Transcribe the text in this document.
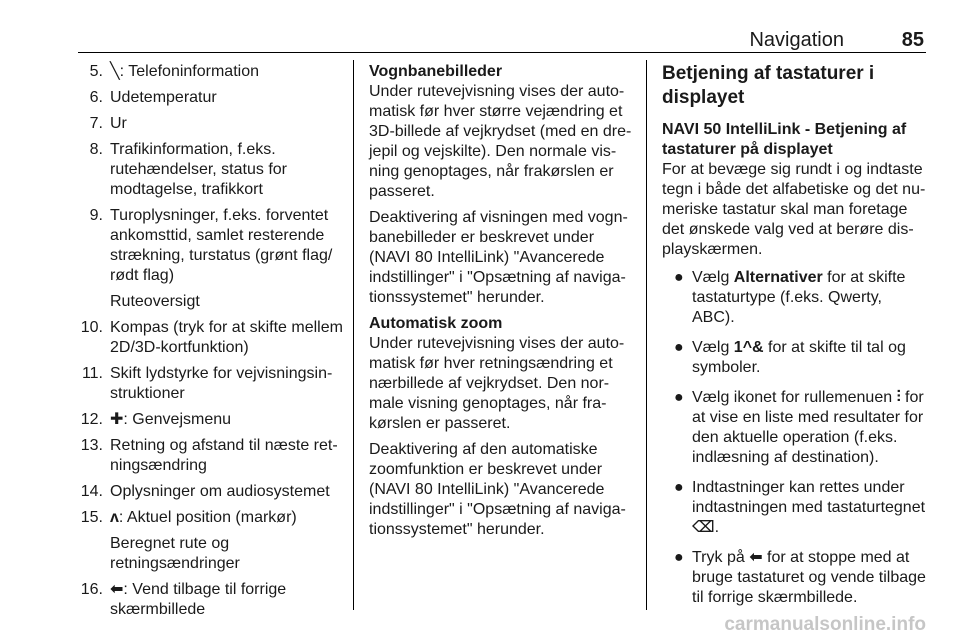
Navigation	85
5. ╲: Telefoninformation
6. Udetemperatur
7. Ur
8. Trafikinformation, f.eks. rutehændelser, status for modtagelse, trafikkort
9. Turoplysninger, f.eks. forventet ankomsttid, samlet resterende strækning, turstatus (grønt flag/ rødt flag)
Ruteoversigt
10. Kompas (tryk for at skifte mellem 2D/3D-kortfunktion)
11. Skift lydstyrke for vejvisningsinstruktioner
12. ✚: Genvejsmenu
13. Retning og afstand til næste retningsændring
14. Oplysninger om audiosystemet
15. ʌ: Aktuel position (markør)
Beregnet rute og retningsændringer
16. ⬅: Vend tilbage til forrige skærmbillede

Vognbanebilleder
Under rutevejvisning vises der automatisk før hver større vejændring et 3D-billede af vejkrydset (med en drejepil og vejskilte). Den normale visning genoptages, når frakørslen er passeret.

Deaktivering af visningen med vognbanebilleder er beskrevet under (NAVI 80 IntelliLink) "Avancerede indstillinger" i "Opsætning af navigationssystemet" herunder.

Automatisk zoom
Under rutevejvisning vises der automatisk før hver retningsændring et nærbillede af vejkrydset. Den normale visning genoptages, når frakørslen er passeret.

Deaktivering af den automatiske zoomfunktion er beskrevet under (NAVI 80 IntelliLink) "Avancerede indstillinger" i "Opsætning af navigationssystemet" herunder.

Betjening af tastaturer i displayet

NAVI 50 IntelliLink - Betjening af tastaturer på displayet
For at bevæge sig rundt i og indtaste tegn i både det alfabetiske og det numeriske tastatur skal man foretage det ønskede valg ved at berøre displayskærmen.

● Vælg Alternativer for at skifte tastaturtype (f.eks. Qwerty, ABC).
● Vælg 1^& for at skifte til tal og symboler.
● Vælg ikonet for rullemenuen ⫶ for at vise en liste med resultater for den aktuelle operation (f.eks. indlæsning af destination).
● Indtastninger kan rettes under indtastningen med tastaturtegnet ⌫.
● Tryk på ⬅ for at stoppe med at bruge tastaturet og vende tilbage til forrige skærmbillede.
carmanualsonline.info
